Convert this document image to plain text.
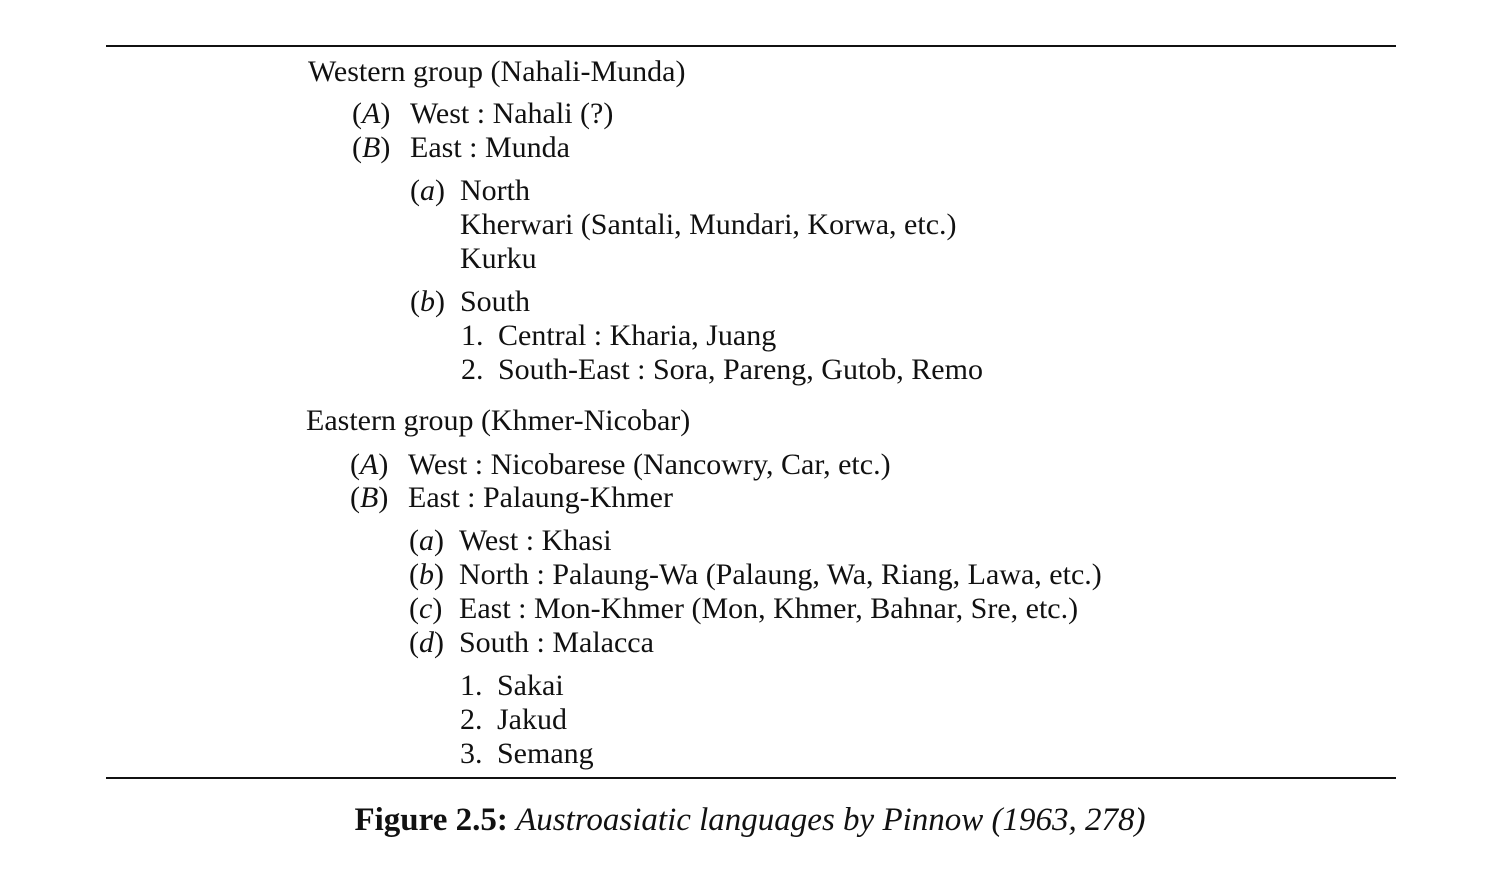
Western group (Nahali-Munda)
(A) West : Nahali (?)
(B) East : Munda
(a) North
Kherwari (Santali, Mundari, Korwa, etc.)
Kurku
(b) South
1. Central : Kharia, Juang
2. South-East : Sora, Pareng, Gutob, Remo
Eastern group (Khmer-Nicobar)
(A) West : Nicobarese (Nancowry, Car, etc.)
(B) East : Palaung-Khmer
(a) West : Khasi
(b) North : Palaung-Wa (Palaung, Wa, Riang, Lawa, etc.)
(c) East : Mon-Khmer (Mon, Khmer, Bahnar, Sre, etc.)
(d) South : Malacca
1. Sakai
2. Jakud
3. Semang
Figure 2.5: Austroasiatic languages by Pinnow (1963, 278)
